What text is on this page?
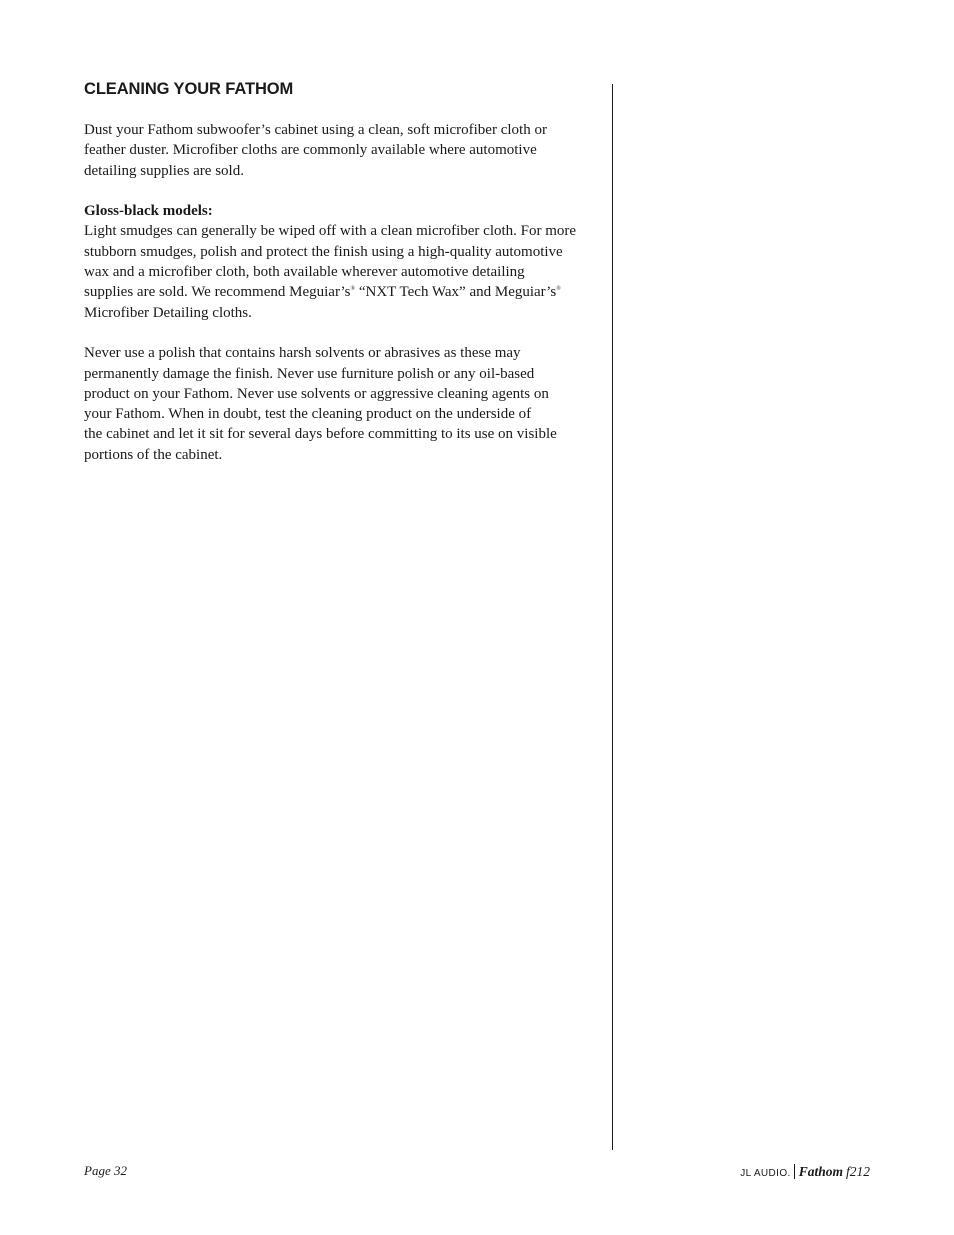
CLEANING YOUR FATHOM

Dust your Fathom subwoofer’s cabinet using a clean, soft microfiber cloth or
feather duster. Microfiber cloths are commonly available where automotive
detailing supplies are sold.

Gloss-black models:
Light smudges can generally be wiped off with a clean microfiber cloth. For more
stubborn smudges, polish and protect the finish using a high-quality automotive
wax and a microfiber cloth, both available wherever automotive detailing
supplies are sold. We recommend Meguiar’s® “NXT Tech Wax” and Meguiar’s®
Microfiber Detailing cloths.

Never use a polish that contains harsh solvents or abrasives as these may
permanently damage the finish. Never use furniture polish or any oil-based
product on your Fathom. Never use solvents or aggressive cleaning agents on
your Fathom. When in doubt, test the cleaning product on the underside of
the cabinet and let it sit for several days before committing to its use on visible
portions of the cabinet.

Page 32	JL AUDIO. Fathom f212
